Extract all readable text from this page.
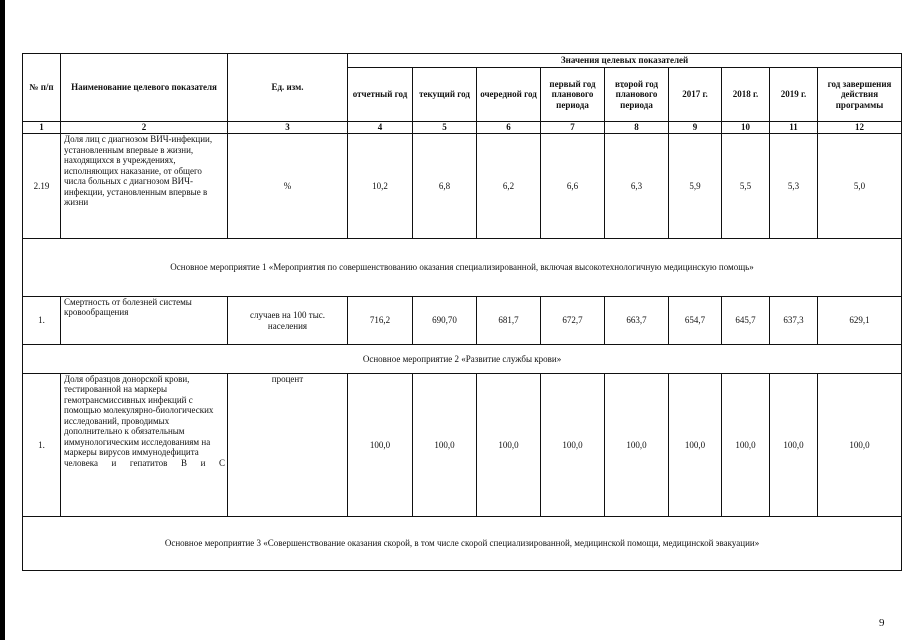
№ п/п	Наименование целевого показателя	Ед. изм.	Значения целевых показателей								
			отчетный год	текущий год	очередной год	первый год планового периода	второй год планового периода	2017 г.	2018 г.	2019 г.	год завершения действия программы
1	2	3	4	5	6	7	8	9	10	11	12
2.19	Доля лиц с диагнозом ВИЧ-инфекции, установленным впервые в жизни, находящихся в учреждениях, исполняющих наказание, от общего числа больных с диагнозом ВИЧ-инфекции, установленным впервые в жизни	%	10,2	6,8	6,2	6,6	6,3	5,9	5,5	5,3	5,0
Основное мероприятие 1 «Мероприятия по совершенствованию оказания специализированной, включая высокотехнологичную медицинскую помощь»											
1.	Смертность от болезней системы кровообращения	случаев на 100 тыс. населения	716,2	690,70	681,7	672,7	663,7	654,7	645,7	637,3	629,1
Основное мероприятие 2 «Развитие службы крови»											
1.	Доля образцов донорской крови, тестированной на маркеры гемотрансмиссивных инфекций с помощью молекулярно-биологических исследований, проводимых дополнительно к обязательным иммунологическим исследованиям на маркеры вирусов иммунодефицита человека и гепатитов В и С	процент	100,0	100,0	100,0	100,0	100,0	100,0	100,0	100,0	100,0
Основное мероприятие 3 «Совершенствование оказания скорой, в том числе скорой специализированной, медицинской помощи, медицинской эвакуации»											
9
